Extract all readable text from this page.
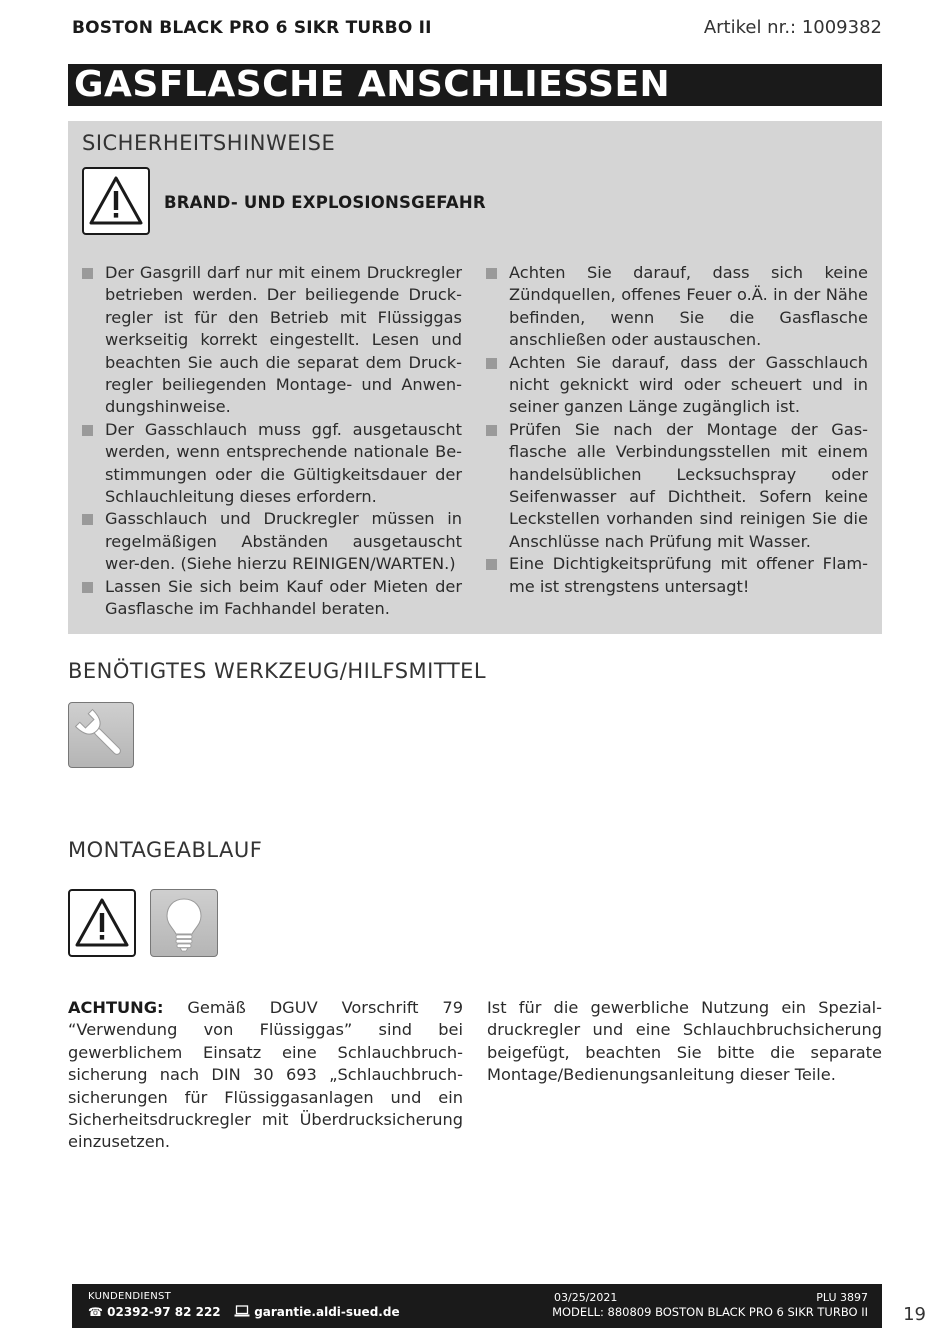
BOSTON BLACK PRO 6 SIKR TURBO II	Artikel nr.: 1009382
GASFLASCHE ANSCHLIESSEN
SICHERHEITSHINWEISE
BRAND- UND EXPLOSIONSGEFAHR
Der Gasgrill darf nur mit einem Druckregler betrieben werden. Der beiliegende Druck-regler ist für den Betrieb mit Flüssiggas werkseitig korrekt eingestellt. Lesen und beachten Sie auch die separat dem Druck-regler beiliegenden Montage- und Anwen-dungshinweise.
Der Gasschlauch muss ggf. ausgetauscht werden, wenn entsprechende nationale Be-stimmungen oder die Gültigkeitsdauer der Schlauchleitung dieses erfordern.
Gasschlauch und Druckregler müssen in regelmäßigen Abständen ausgetauscht wer-den. (Siehe hierzu REINIGEN/WARTEN.)
Lassen Sie sich beim Kauf oder Mieten der Gasflasche im Fachhandel beraten.
Achten Sie darauf, dass sich keine Zündquellen, offenes Feuer o.Ä. in der Nähe befinden, wenn Sie die Gasflasche anschließen oder austauschen.
Achten Sie darauf, dass der Gasschlauch nicht geknickt wird oder scheuert und in seiner ganzen Länge zugänglich ist.
Prüfen Sie nach der Montage der Gas-flasche alle Verbindungsstellen mit einem handelsüblichen Lecksuchspray oder Seifenwasser auf Dichtheit. Sofern keine Leckstellen vorhanden sind reinigen Sie die Anschlüsse nach Prüfung mit Wasser.
Eine Dichtigkeitsprüfung mit offener Flam-me ist strengstens untersagt!
BENÖTIGTES WERKZEUG/HILFSMITTEL
MONTAGEABLAUF
ACHTUNG: Gemäß DGUV Vorschrift 79 “Verwendung von Flüssiggas” sind bei gewerblichem Einsatz eine Schlauchbruch-sicherung nach DIN 30 693 „Schlauchbruch-sicherungen für Flüssiggasanlagen und ein Sicherheitsdruckregler mit Überdrucksicherung einzusetzen.
Ist für die gewerbliche Nutzung ein Spezial-druckregler und eine Schlauchbruchsicherung beigefügt, beachten Sie bitte die separate Montage/Bedienungsanleitung dieser Teile.
KUNDENDIENST
☎ 02392-97 82 222	garantie.aldi-sued.de
03/25/2021	PLU 3897
MODELL: 880809 BOSTON BLACK PRO 6 SIKR TURBO II 19
